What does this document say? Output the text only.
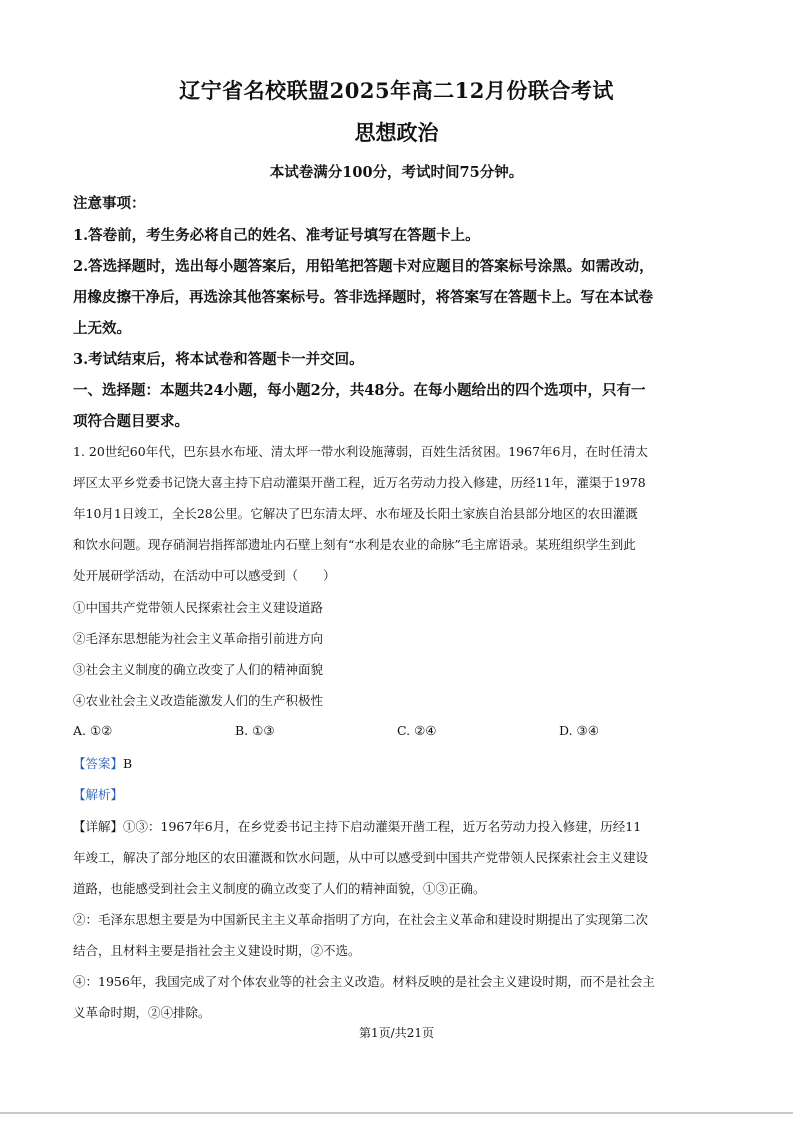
辽宁省名校联盟2025年高二12月份联合考试
思想政治
本试卷满分100分，考试时间75分钟。
注意事项：
1.答卷前，考生务必将自己的姓名、准考证号填写在答题卡上。
2.答选择题时，选出每小题答案后，用铅笔把答题卡对应题目的答案标号涂黑。如需改动，
用橡皮擦干净后，再选涂其他答案标号。答非选择题时，将答案写在答题卡上。写在本试卷
上无效。
3.考试结束后，将本试卷和答题卡一并交回。
一、选择题：本题共24小题，每小题2分，共48分。在每小题给出的四个选项中，只有一
项符合题目要求。
1. 20世纪60年代，巴东县水布垭、清太坪一带水利设施薄弱，百姓生活贫困。1967年6月，在时任清太
坪区太平乡党委书记饶大喜主持下启动灌渠开凿工程，近万名劳动力投入修建，历经11年，灌渠于1978
年10月1日竣工，全长28公里。它解决了巴东清太坪、水布垭及长阳土家族自治县部分地区的农田灌溉
和饮水问题。现存硝洞岩指挥部遗址内石壁上刻有“水利是农业的命脉”毛主席语录。某班组织学生到此
处开展研学活动，在活动中可以感受到（　　）
①中国共产党带领人民探索社会主义建设道路
②毛泽东思想能为社会主义革命指引前进方向
③社会主义制度的确立改变了人们的精神面貌
④农业社会主义改造能激发人们的生产积极性
A. ①②	B. ①③	C. ②④	D. ③④
【答案】B
【解析】
【详解】①③：1967年6月，在乡党委书记主持下启动灌渠开凿工程，近万名劳动力投入修建，历经11
年竣工，解决了部分地区的农田灌溉和饮水问题，从中可以感受到中国共产党带领人民探索社会主义建设
道路，也能感受到社会主义制度的确立改变了人们的精神面貌，①③正确。
②：毛泽东思想主要是为中国新民主主义革命指明了方向，在社会主义革命和建设时期提出了实现第二次
结合，且材料主要是指社会主义建设时期，②不选。
④：1956年，我国完成了对个体农业等的社会主义改造。材料反映的是社会主义建设时期，而不是社会主
义革命时期，②④排除。
第1页/共21页
